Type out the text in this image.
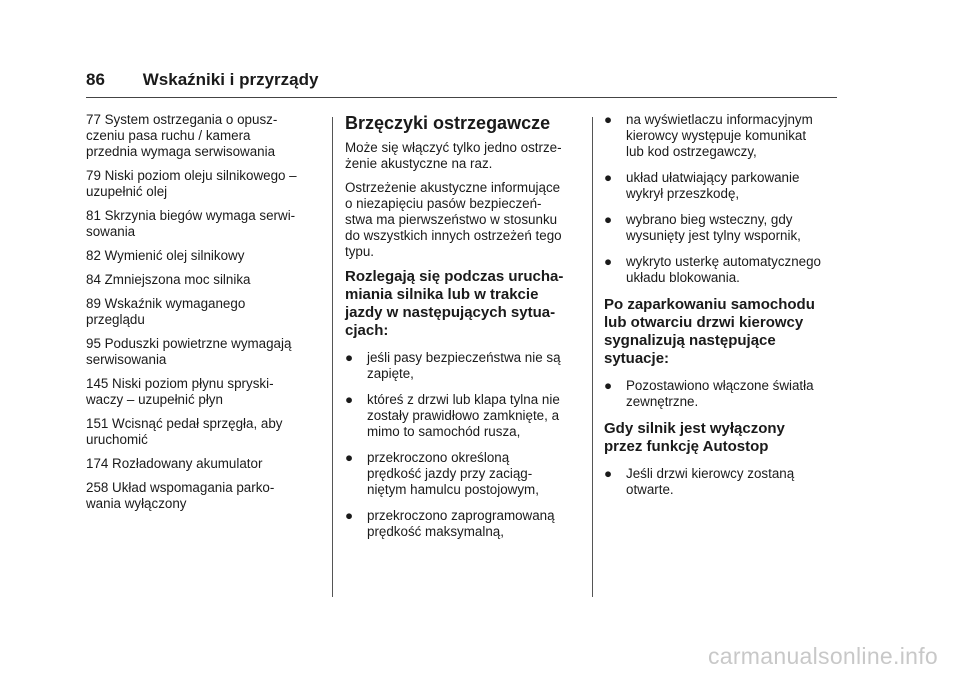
86 Wskaźniki i przyrządy

77 System ostrzegania o opusz-
czeniu pasa ruchu / kamera
przednia wymaga serwisowania

79 Niski poziom oleju silnikowego –
uzupełnić olej

81 Skrzynia biegów wymaga serwi-
sowania

82 Wymienić olej silnikowy

84 Zmniejszona moc silnika

89 Wskaźnik wymaganego
przeglądu

95 Poduszki powietrzne wymagają
serwisowania

145 Niski poziom płynu spryski-
waczy – uzupełnić płyn

151 Wcisnąć pedał sprzęgła, aby
uruchomić

174 Rozładowany akumulator

258 Układ wspomagania parko-
wania wyłączony

Brzęczyki ostrzegawcze

Może się włączyć tylko jedno ostrze-
żenie akustyczne na raz.

Ostrzeżenie akustyczne informujące
o niezapięciu pasów bezpieczeń-
stwa ma pierwszeństwo w stosunku
do wszystkich innych ostrzeżeń tego
typu.

Rozlegają się podczas urucha-
miania silnika lub w trakcie
jazdy w następujących sytua-
cjach:
● jeśli pasy bezpieczeństwa nie są
zapięte,
● któreś z drzwi lub klapa tylna nie
zostały prawidłowo zamknięte, a
mimo to samochód rusza,
● przekroczono określoną
prędkość jazdy przy zaciąg-
niętym hamulcu postojowym,
● przekroczono zaprogramowaną
prędkość maksymalną,
● na wyświetlaczu informacyjnym
kierowcy występuje komunikat
lub kod ostrzegawczy,
● układ ułatwiający parkowanie
wykrył przeszkodę,
● wybrano bieg wsteczny, gdy
wysunięty jest tylny wspornik,
● wykryto usterkę automatycznego
układu blokowania.
Po zaparkowaniu samochodu
lub otwarciu drzwi kierowcy
sygnalizują następujące
sytuacje:
● Pozostawiono włączone światła
zewnętrzne.
Gdy silnik jest wyłączony
przez funkcję Autostop
● Jeśli drzwi kierowcy zostaną
otwarte.
carmanualsonline.info
